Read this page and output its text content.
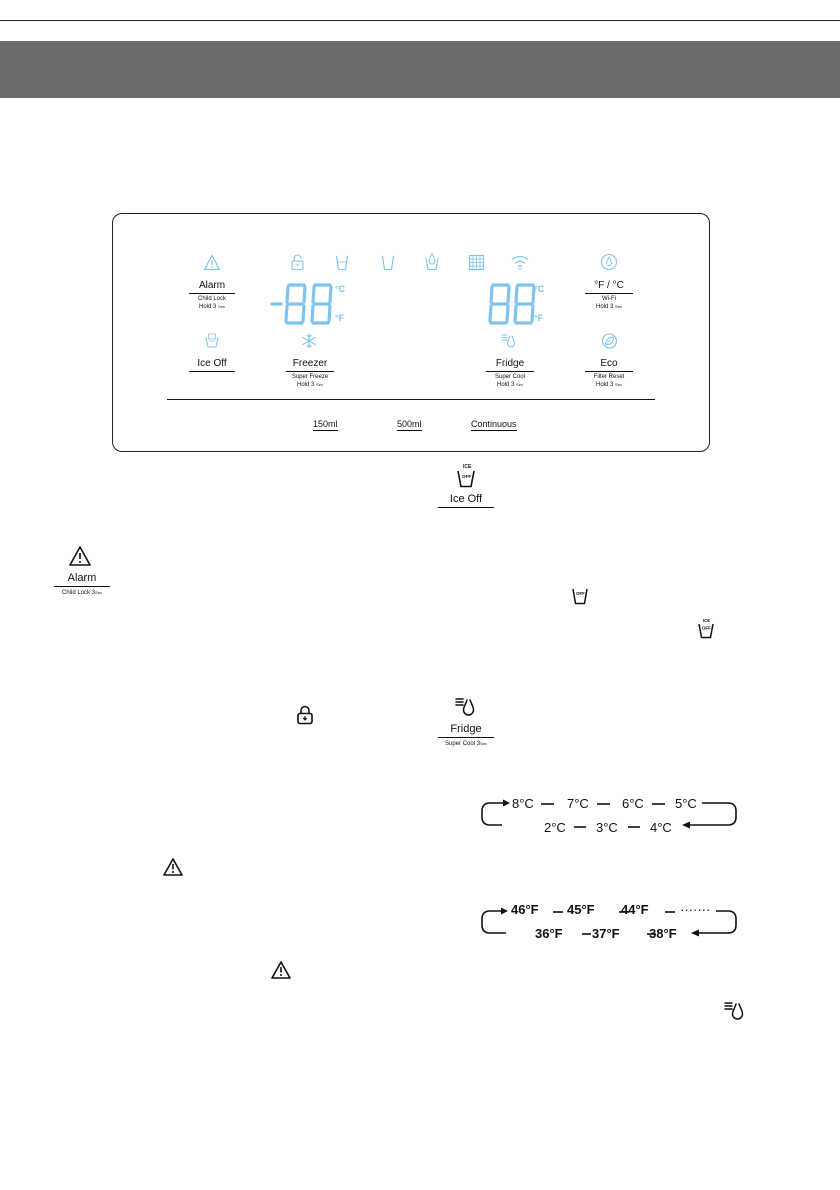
Alarm
Child Lock
Hold 3 Sec
Ice Off
°C
°F
Freezer
Super Freeze
Hold 3 Sec
°C
°F
Fridge
Super Cool
Hold 3 Sec
°F / °C
Wi-Fi
Hold 3 Sec
Eco
Filter Reset
Hold 3 Sec
150ml	500ml	Continuous
ICE
OFF
Ice Off
Alarm
Child Lock 3Sec	OFF
ICE
OFF
Fridge
Super Cool 3Sec
8°C	7°C	6°C 5°C
2°C 3°C 4°C
46°F 45°F 44°F ·······
36°F 37°F 38°F
